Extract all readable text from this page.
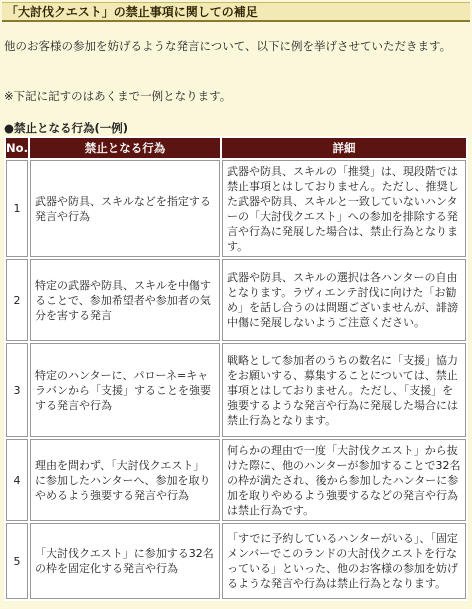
「大討伐クエスト」の禁止事項に関しての補足
他のお客様の参加を妨げるような発言について、以下に例を挙げさせていただきます。
※下記に記すのはあくまで一例となります。
●禁止となる行為(一例)
No.	禁止となる行為	詳細
1	武器や防具、スキルなどを指定する発言や行為	武器や防具、スキルの「推奨」は、現段階では禁止事項とはしておりません。ただし、推奨した武器や防具、スキルと一致していないハンターの「大討伐クエスト」への参加を排除する発言や行為に発展した場合は、禁止行為となります。
2	特定の武器や防具、スキルを中傷することで、参加希望者や参加者の気分を害する発言	武器や防具、スキルの選択は各ハンターの自由となります。ラヴィエンテ討伐に向けた「お勧め」を話し合うのは問題ございませんが、誹謗中傷に発展しないようご注意ください。
3	特定のハンターに、パローネ=キャラバンから「支援」することを強要する発言や行為	戦略として参加者のうちの数名に「支援」協力をお願いする、募集することについては、禁止事項とはしておりません。ただし、「支援」を強要するような発言や行為に発展した場合には禁止行為となります。
4	理由を問わず、「大討伐クエスト」に参加したハンターへ、参加を取りやめるよう強要する発言や行為	何らかの理由で一度「大討伐クエスト」から抜けた際に、他のハンターが参加することで32名の枠が満たされ、後から参加したハンターに参加を取りやめるよう強要するなどの発言や行為は禁止行為です。
5	「大討伐クエスト」に参加する32名の枠を固定化する発言や行為	「すでに予約しているハンターがいる」、「固定メンバーでこのランドの大討伐クエストを行なっている」といった、他のお客様の参加を妨げるような発言や行為は禁止行為となります。
